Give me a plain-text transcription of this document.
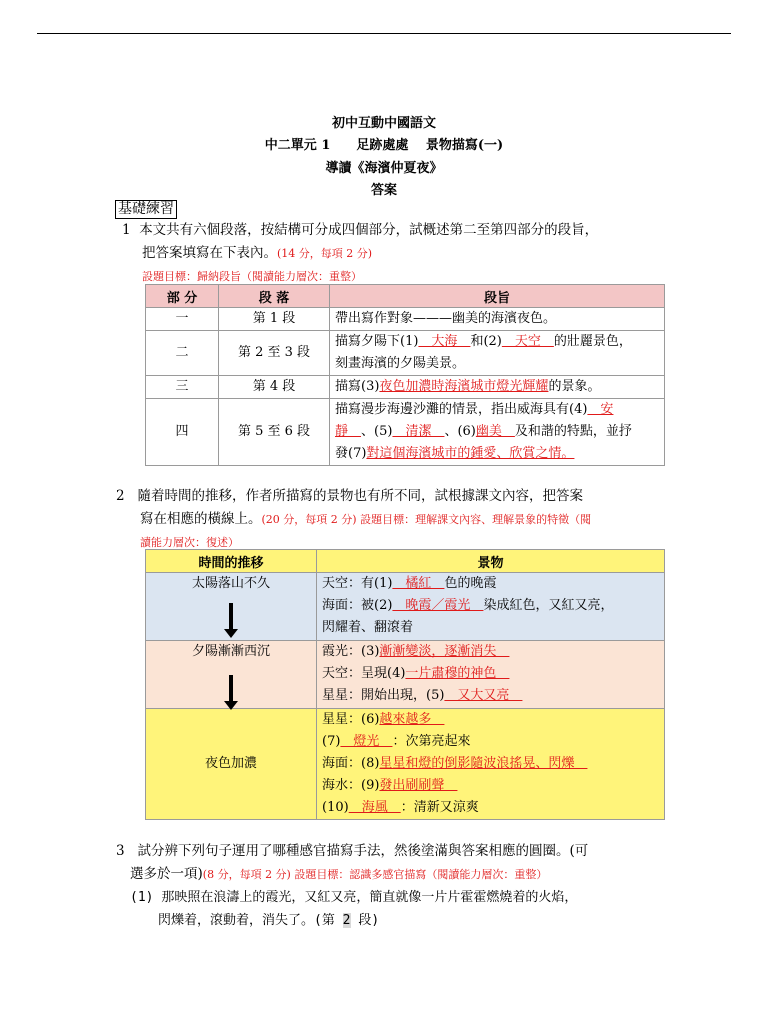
初中互動中國語文
中二單元 1　　足跡處處　 景物描寫(一)
導讀《海濱仲夏夜》
答案
基礎練習
1 本文共有六個段落，按結構可分成四個部分，試概述第二至第四部分的段旨，
把答案填寫在下表內。(14 分，每項 2 分)
設題目標：歸納段旨（閱讀能力層次：重整）
部 分	段 落	段旨
一	第 1 段	帶出寫作對象———幽美的海濱夜色。
二	第 2 至 3 段	描寫夕陽下(1)　大海　和(2)　天空　的壯麗景色，
刻畫海濱的夕陽美景。
三	第 4 段	描寫(3)夜色加濃時海濱城市燈光輝耀的景象。
四	第 5 至 6 段	描寫漫步海邊沙灘的情景，指出威海具有(4)　安
靜　、(5)　清潔　、(6)幽美　及和諧的特點，並抒
發(7)對這個海濱城市的鍾愛、欣賞之情。
2 隨着時間的推移，作者所描寫的景物也有所不同，試根據課文內容，把答案
寫在相應的橫線上。(20 分，每項 2 分) 設題目標：理解課文內容、理解景象的特徵（閱
讀能力層次：復述）
時間的推移	景物
太陽落山不久	天空：有(1)　橘紅　色的晚霞
海面：被(2)　晚霞／霞光　染成紅色，又紅又亮，
閃耀着、翻滾着
夕陽漸漸西沉	霞光：(3)漸漸變淡，逐漸消失　
天空：呈現(4)一片肅穆的神色　
星星：開始出現，(5)　又大又亮　
夜色加濃	星星：(6)越來越多　
(7)　燈光　：次第亮起來
海面：(8)星星和燈的倒影隨波浪搖晃、閃爍　
海水：(9)發出刷刷聲　
(10)　海風　：清新又涼爽
3 試分辨下列句子運用了哪種感官描寫手法，然後塗滿與答案相應的圓圈。(可
選多於一項)(8 分，每項 2 分) 設題目標：認識多感官描寫（閱讀能力層次：重整）
(1) 那映照在浪濤上的霞光，又紅又亮，簡直就像一片片霍霍燃燒着的火焰，
閃爍着，滾動着，消失了。(第 2 段)
